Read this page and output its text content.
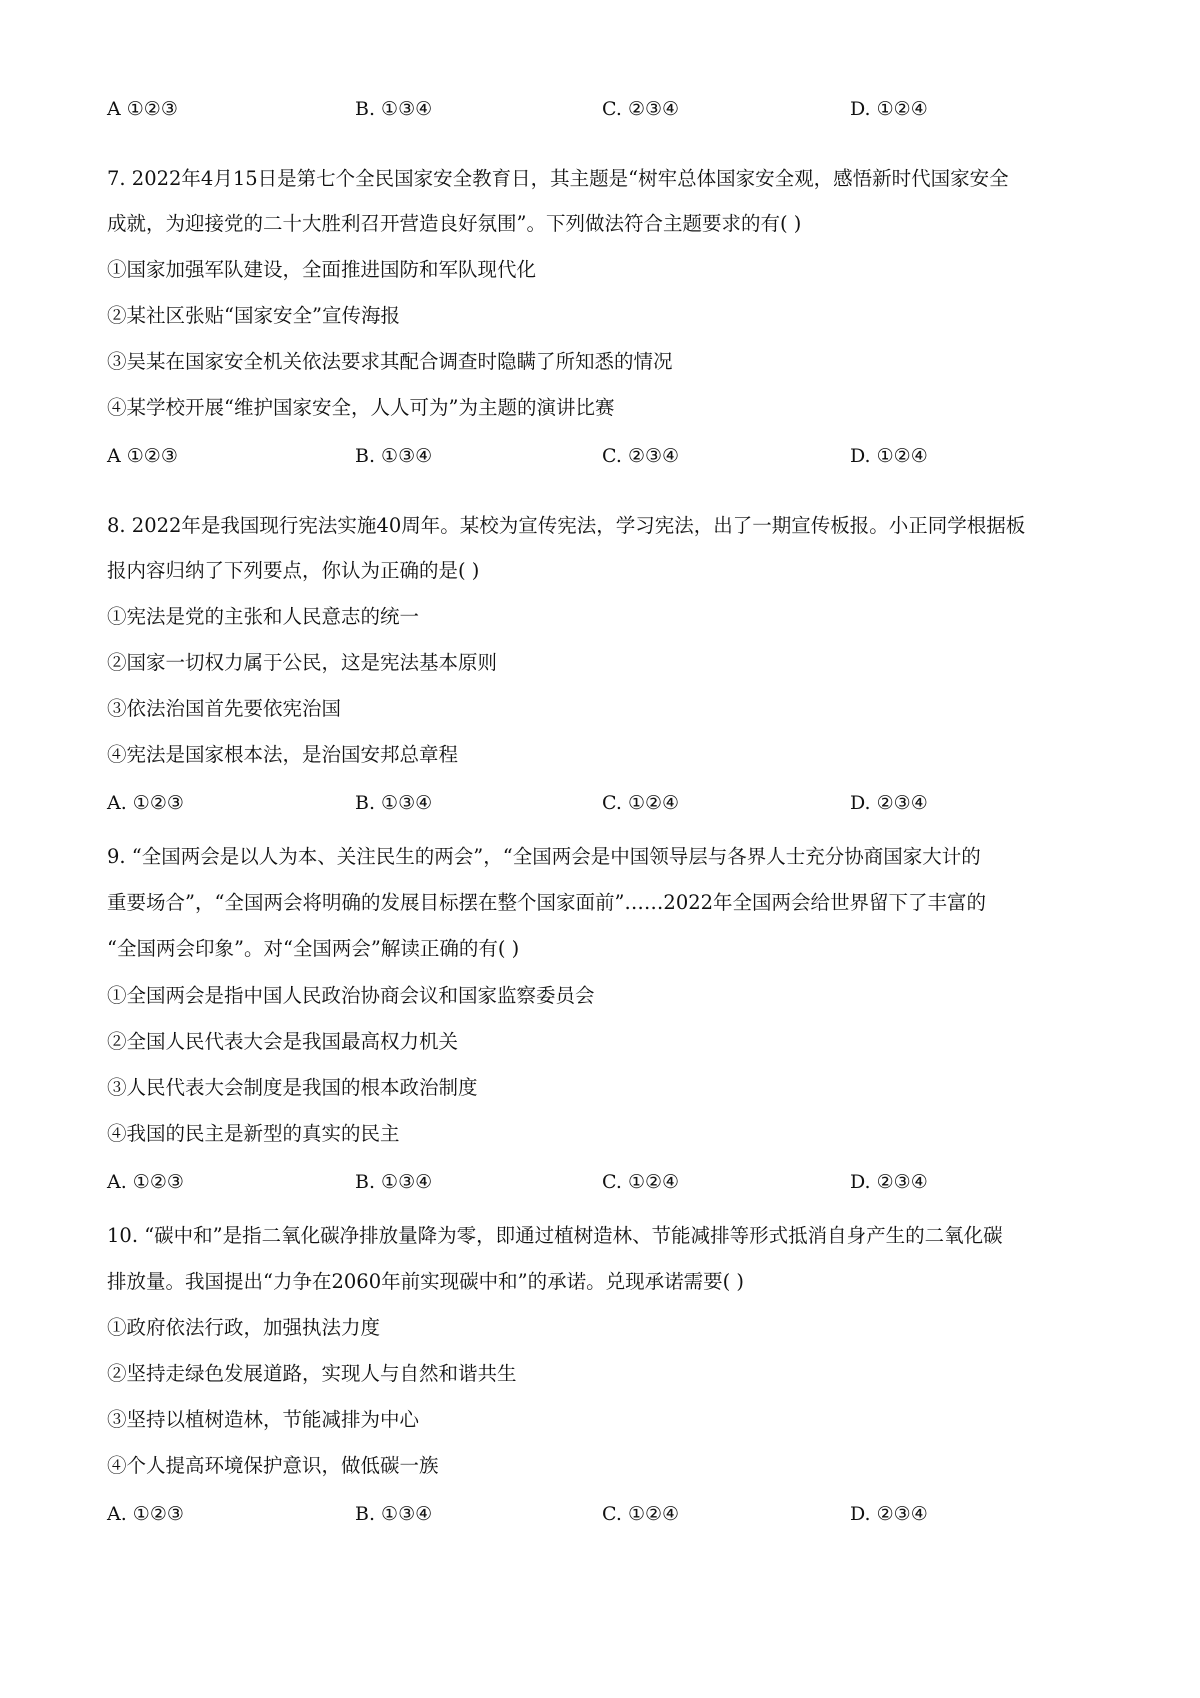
A ①②③	B. ①③④	C. ②③④	D. ①②④
7. 2022年4月15日是第七个全民国家安全教育日，其主题是“树牢总体国家安全观，感悟新时代国家安全
成就，为迎接党的二十大胜利召开营造良好氛围”。下列做法符合主题要求的有( )
①国家加强军队建设，全面推进国防和军队现代化
②某社区张贴“国家安全”宣传海报
③吴某在国家安全机关依法要求其配合调查时隐瞒了所知悉的情况
④某学校开展“维护国家安全，人人可为”为主题的演讲比赛
A ①②③	B. ①③④	C. ②③④	D. ①②④
8. 2022年是我国现行宪法实施40周年。某校为宣传宪法，学习宪法，出了一期宣传板报。小正同学根据板
报内容归纳了下列要点，你认为正确的是( )
①宪法是党的主张和人民意志的统一
②国家一切权力属于公民，这是宪法基本原则
③依法治国首先要依宪治国
④宪法是国家根本法，是治国安邦总章程
A. ①②③	B. ①③④	C. ①②④	D. ②③④
9. “全国两会是以人为本、关注民生的两会”，“全国两会是中国领导层与各界人士充分协商国家大计的
重要场合”，“全国两会将明确的发展目标摆在整个国家面前”……2022年全国两会给世界留下了丰富的
“全国两会印象”。对“全国两会”解读正确的有( )
①全国两会是指中国人民政治协商会议和国家监察委员会
②全国人民代表大会是我国最高权力机关
③人民代表大会制度是我国的根本政治制度
④我国的民主是新型的真实的民主
A. ①②③	B. ①③④	C. ①②④	D. ②③④
10. “碳中和”是指二氧化碳净排放量降为零，即通过植树造林、节能减排等形式抵消自身产生的二氧化碳
排放量。我国提出“力争在2060年前实现碳中和”的承诺。兑现承诺需要( )
①政府依法行政，加强执法力度
②坚持走绿色发展道路，实现人与自然和谐共生
③坚持以植树造林，节能减排为中心
④个人提高环境保护意识，做低碳一族
A. ①②③	B. ①③④	C. ①②④	D. ②③④
